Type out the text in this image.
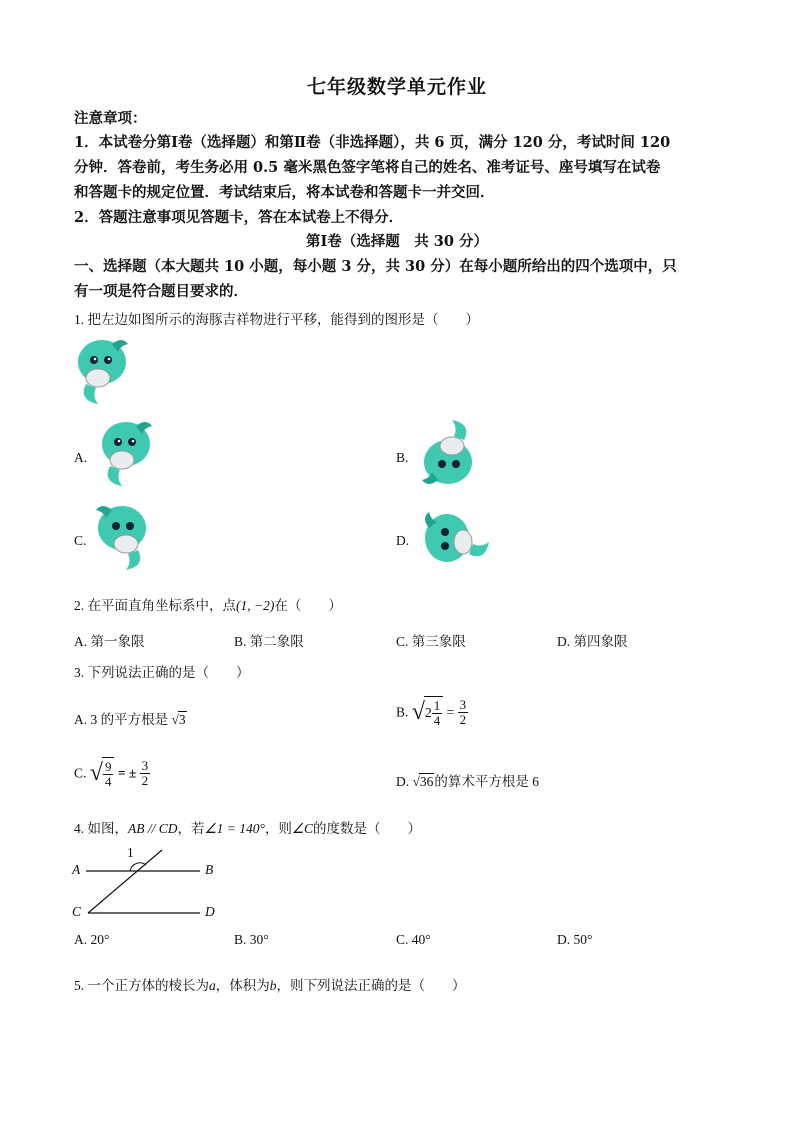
七年级数学单元作业
注意章项：
1．本试卷分第Ⅰ卷（选择题）和第Ⅱ卷（非选择题），共 6 页，满分 120 分，考试时间 120
分钟．答卷前，考生务必用 0.5 毫米黑色签字笔将自己的姓名、准考证号、座号填写在试卷
和答题卡的规定位置．考试结束后，将本试卷和答题卡一并交回．
2．答题注意事项见答题卡，答在本试卷上不得分．
第Ⅰ卷（选择题　共 30 分）
一、选择题（本大题共 10 小题，每小题 3 分，共 30 分）在每小题所给出的四个选项中，只
有一项是符合题目要求的．
1. 把左边如图所示的海豚吉祥物进行平移，能得到的图形是（　　）
A.	B.
C.	D.
2. 在平面直角坐标系中，点(1, −2)在（　　）
A. 第一象限	B. 第二象限	C. 第三象限	D. 第四象限
3. 下列说法正确的是（　　）
A. 3 的平方根是 √3
B. $√2 \frac{1}{4} = \frac{3}{2}$
C. √ $\frac{9}{4}$ = ± $\frac{3}{2}$	D. √36的算术平方根是 6
4. 如图，AB // CD，若∠1 = 140°，则∠C的度数是（　　）
A	B
C	D
1
A. 20°	B. 30°	C. 40°	D. 50°
5. 一个正方体的棱长为a，体积为b，则下列说法正确的是（　　）
